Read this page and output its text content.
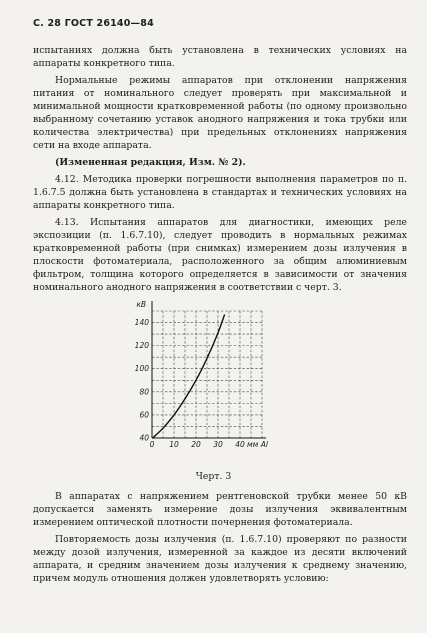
С. 28 ГОСТ 26140—84

испытаниях должна быть установлена в технических условиях на аппараты конкретного типа.

Нормальные режимы аппаратов при отклонении напряжения питания от номинального следует проверять при максимальной и минимальной мощности кратковременной работы (по одному произвольно выбранному сочетанию уставок анодного напряжения и тока трубки или количества электричества) при предельных отклонениях напряжения сети на входе аппарата.

(Измененная редакция, Изм. № 2).

4.12. Методика проверки погрешности выполнения параметров по п. 1.6.7.5 должна быть установлена в стандартах и технических условиях на аппараты конкретного типа.

4.13. Испытания аппаратов для диагностики, имеющих реле экспозиции (п. 1.6.7.10), следует проводить в нормальных режимах кратковременной работы (при снимках) измерением дозы излучения в плоскости фотоматериала, расположенного за общим алюминиевым фильтром, толщина которого определяется в зависимости от значения номинального анодного напряжения в соответствии с черт. 3.

40
60
80
100
120
140
кВ
0 10 20 30 40 мм Al
Черт. 3

В аппаратах с напряжением рентгеновской трубки менее 50 кВ допускается заменять измерение дозы излучения эквивалентным измерением оптической плотности почернения фотоматериала.

Повторяемость дозы излучения (п. 1.6.7.10) проверяют по разности между дозой излучения, измеренной за каждое из десяти включений аппарата, и средним значением дозы излучения к среднему значению, причем модуль отношения должен удовлетворять условию:
